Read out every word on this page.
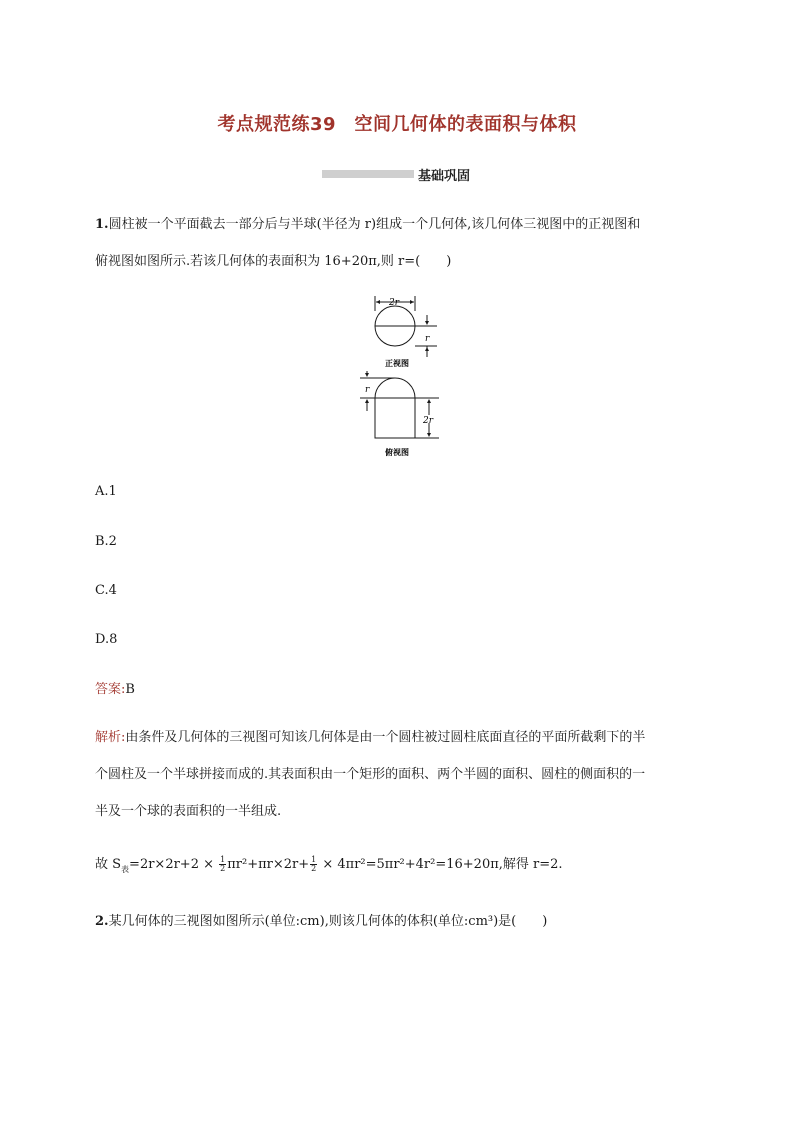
考点规范练39　空间几何体的表面积与体积
基础巩固
1.圆柱被一个平面截去一部分后与半球(半径为 r)组成一个几何体,该几何体三视图中的正视图和
俯视图如图所示.若该几何体的表面积为 16+20π,则 r=(　　)
2r
r
正视图
r
2r
俯视图
A.1
B.2
C.4
D.8
答案:B
解析:由条件及几何体的三视图可知该几何体是由一个圆柱被过圆柱底面直径的平面所截剩下的半
个圆柱及一个半球拼接而成的.其表面积由一个矩形的面积、两个半圆的面积、圆柱的侧面积的一
半及一个球的表面积的一半组成.
故 $S_表=2r\times 2r+2 \times \frac{1}{2} \pi r^2+\pi r\times 2r+ \frac{1}{2} \times 4\pi r^2=5\pi r^2+4r^2=16+20\pi$,解得 r=2.
2.某几何体的三视图如图所示(单位:cm),则该几何体的体积(单位:cm³)是(　　)
